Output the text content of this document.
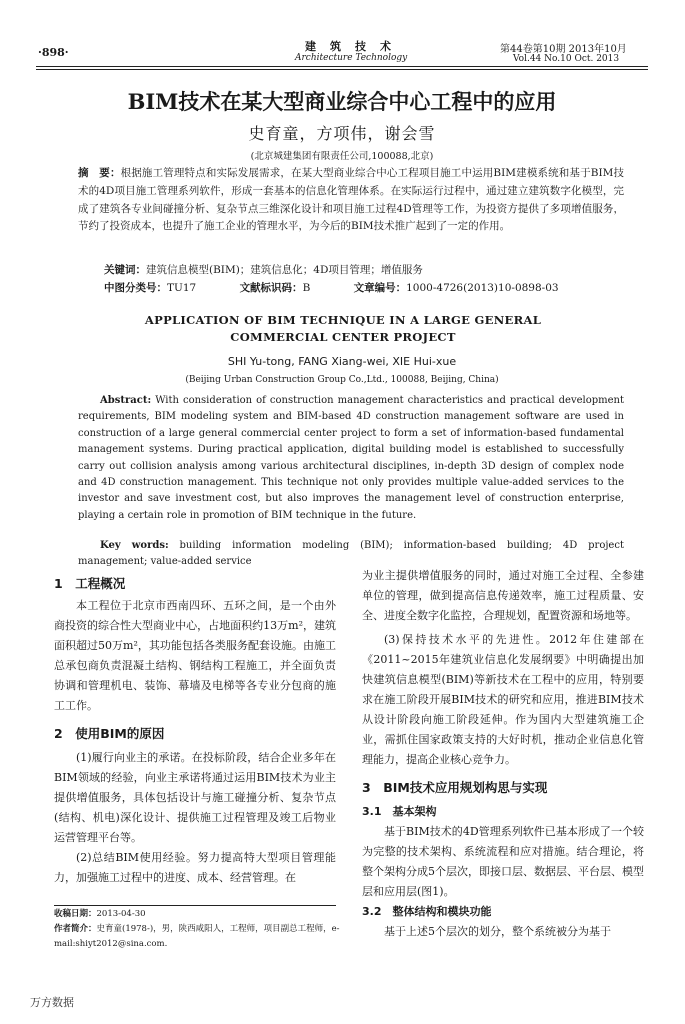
·898·	建筑技术
Architecture Technology
第44卷第10期 2013年10月
Vol.44 No.10 Oct. 2013
BIM技术在某大型商业综合中心工程中的应用
史育童，方项伟，谢会雪
(北京城建集团有限责任公司,100088,北京)
摘　要：根据施工管理特点和实际发展需求，在某大型商业综合中心工程项目施工中运用BIM建模系统和基于BIM技术的4D项目施工管理系列软件，形成一套基本的信息化管理体系。在实际运行过程中，通过建立建筑数字化模型，完成了建筑各专业间碰撞分析、复杂节点三维深化设计和项目施工过程4D管理等工作，为投资方提供了多项增值服务，节约了投资成本，也提升了施工企业的管理水平，为今后的BIM技术推广起到了一定的作用。
关键词：建筑信息模型(BIM)；建筑信息化；4D项目管理；增值服务
中图分类号：TU17	文献标识码：B	文章编号：1000-4726(2013)10-0898-03
APPLICATION OF BIM TECHNIQUE IN A LARGE GENERAL COMMERCIAL CENTER PROJECT
SHI Yu-tong, FANG Xiang-wei, XIE Hui-xue
(Beijing Urban Construction Group Co.,Ltd., 100088, Beijing, China)
Abstract: With consideration of construction management characteristics and practical development requirements, BIM modeling system and BIM-based 4D construction management software are used in construction of a large general commercial center project to form a set of information-based fundamental management systems. During practical application, digital building model is established to successfully carry out collision analysis among various architectural disciplines, in-depth 3D design of complex node and 4D construction management. This technique not only provides multiple value-added services to the investor and save investment cost, but also improves the management level of construction enterprise, playing a certain role in promotion of BIM technique in the future.
Key words: building information modeling (BIM); information-based building; 4D project management; value-added service
1　工程概况

本工程位于北京市西南四环、五环之间，是一个由外商投资的综合性大型商业中心，占地面积约13万m²，建筑面积超过50万m²，其功能包括各类服务配套设施。由施工总承包商负责混凝土结构、钢结构工程施工，并全面负责协调和管理机电、装饰、幕墙及电梯等各专业分包商的施工工作。

2　使用BIM的原因

(1)履行向业主的承诺。在投标阶段，结合企业多年在BIM领域的经验，向业主承诺将通过运用BIM技术为业主提供增值服务，具体包括设计与施工碰撞分析、复杂节点(结构、机电)深化设计、提供施工过程管理及竣工后物业运营管理平台等。

(2)总结BIM使用经验。努力提高特大型项目管理能力，加强施工过程中的进度、成本、经营管理。在

为业主提供增值服务的同时，通过对施工全过程、全参建单位的管理，做到提高信息传递效率，施工过程质量、安全、进度全数字化监控，合理规划，配置资源和场地等。

(3)保持技术水平的先进性。2012年住建部在《2011~2015年建筑业信息化发展纲要》中明确提出加快建筑信息模型(BIM)等新技术在工程中的应用，特别要求在施工阶段开展BIM技术的研究和应用，推进BIM技术从设计阶段向施工阶段延伸。作为国内大型建筑施工企业，需抓住国家政策支持的大好时机，推动企业信息化管理能力，提高企业核心竞争力。

3　BIM技术应用规划构思与实现
3.1　基本架构

基于BIM技术的4D管理系列软件已基本形成了一个较为完整的技术架构、系统流程和应对措施。结合理论，将整个架构分成5个层次，即接口层、数据层、平台层、模型层和应用层(图1)。

3.2　整体结构和模块功能

基于上述5个层次的划分，整个系统被分为基于

收稿日期：2013-04-30
作者简介：史育童(1978-)，男，陕西咸阳人，工程师，项目副总工程师，e-mail:shiyt2012@sina.com.
万方数据
